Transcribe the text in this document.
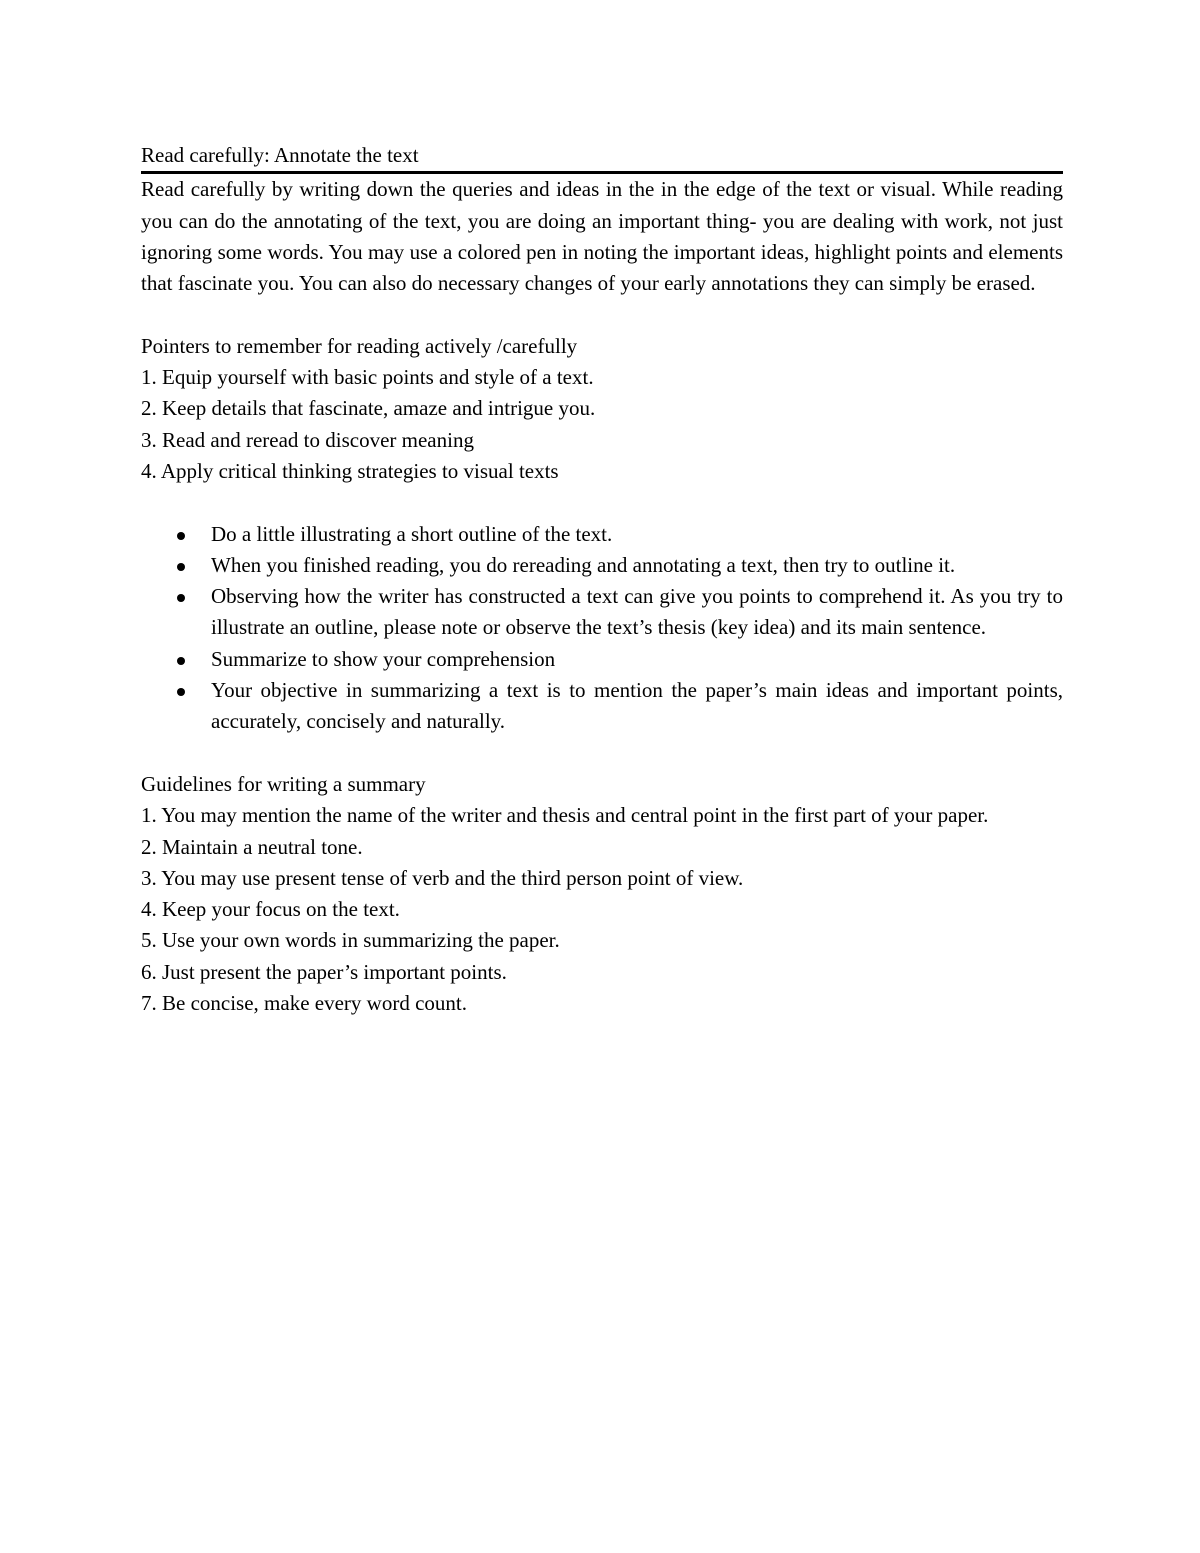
Read carefully: Annotate the text

Read carefully by writing down the queries and ideas in the in the edge of the text or visual. While reading you can do the annotating of the text, you are doing an important thing- you are dealing with work, not just ignoring some words. You may use a colored pen in noting the important ideas, highlight points and elements that fascinate you. You can also do necessary changes of your early annotations they can simply be erased.

Pointers to remember for reading actively /carefully

1. Equip yourself with basic points and style of a text.

2. Keep details that fascinate, amaze and intrigue you.

3. Read and reread to discover meaning

4. Apply critical thinking strategies to visual texts

Do a little illustrating a short outline of the text.
When you finished reading, you do rereading and annotating a text, then try to outline it.
Observing how the writer has constructed a text can give you points to comprehend it. As you try to illustrate an outline, please note or observe the text’s thesis (key idea) and its main sentence.
Summarize to show your comprehension
Your objective in summarizing a text is to mention the paper’s main ideas and important points, accurately, concisely and naturally.

Guidelines for writing a summary

1. You may mention the name of the writer and thesis and central point in the first part of your paper.

2. Maintain a neutral tone.

3. You may use present tense of verb and the third person point of view.

4. Keep your focus on the text.

5. Use your own words in summarizing the paper.

6. Just present the paper’s important points.

7. Be concise, make every word count.
